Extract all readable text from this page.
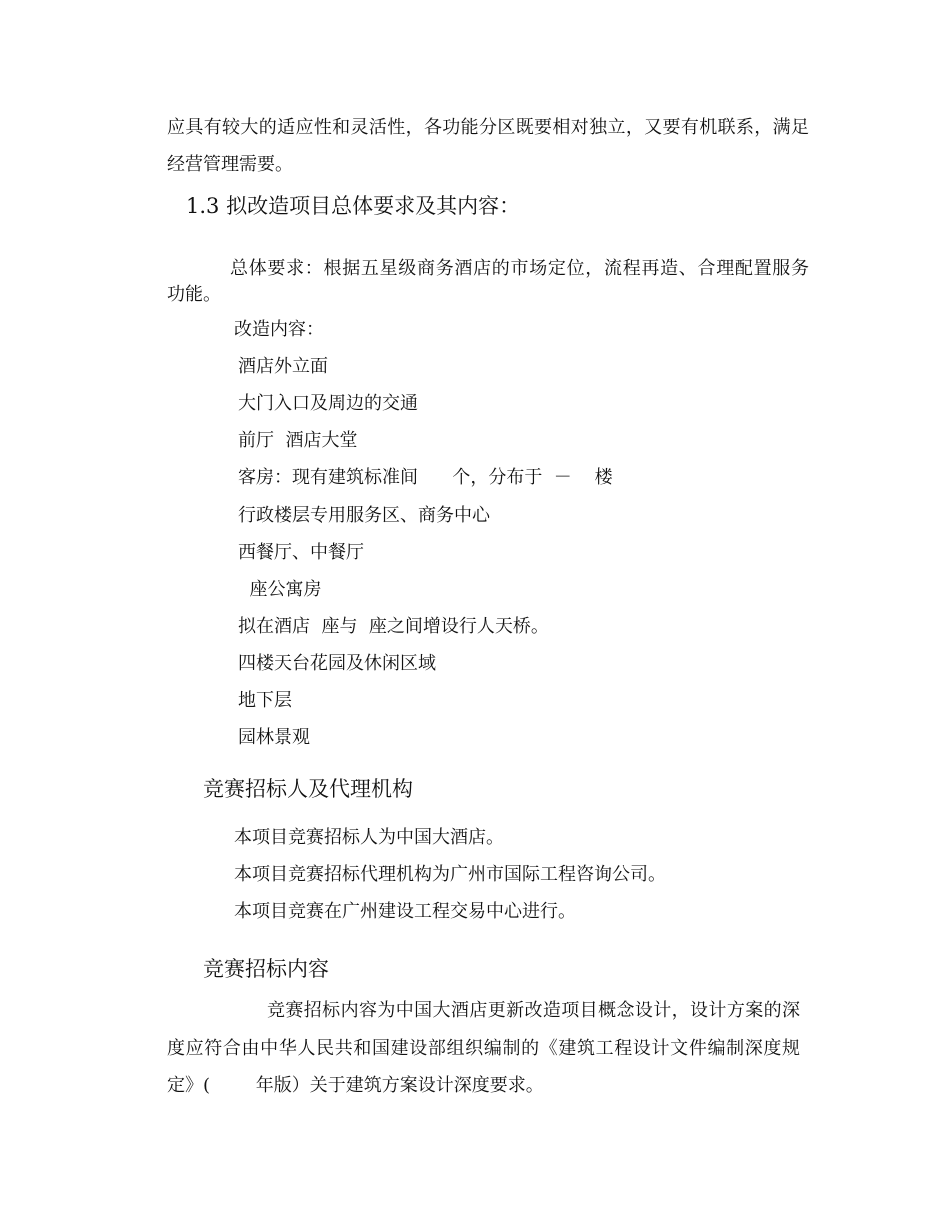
应具有较大的适应性和灵活性，各功能分区既要相对独立，又要有机联系，满足
经营管理需要。
1.3 拟改造项目总体要求及其内容：
总体要求：根据五星级商务酒店的市场定位，流程再造、合理配置服务
功能。
改造内容：
酒店外立面
大门入口及周边的交通
前厅  酒店大堂
客房：现有建筑标准间      个，分布于  －    楼
行政楼层专用服务区、商务中心
西餐厅、中餐厅
座公寓房
拟在酒店  座与  座之间增设行人天桥。
四楼天台花园及休闲区域
地下层
园林景观
竞赛招标人及代理机构
本项目竞赛招标人为中国大酒店。
本项目竞赛招标代理机构为广州市国际工程咨询公司。
本项目竞赛在广州建设工程交易中心进行。
竞赛招标内容
竞赛招标内容为中国大酒店更新改造项目概念设计，设计方案的深
度应符合由中华人民共和国建设部组织编制的《建筑工程设计文件编制深度规
定》(        年版）关于建筑方案设计深度要求。
